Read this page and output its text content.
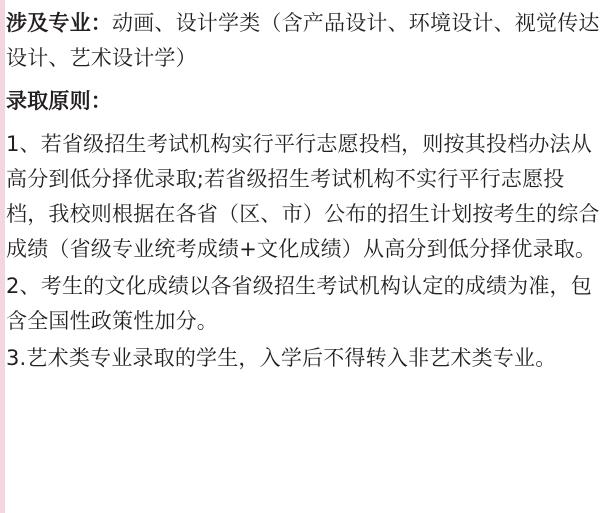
涉及专业：动画、设计学类（含产品设计、环境设计、视觉传达设计、艺术设计学）

录取原则：

1、若省级招生考试机构实行平行志愿投档，则按其投档办法从高分到低分择优录取;若省级招生考试机构不实行平行志愿投档，我校则根据在各省（区、市）公布的招生计划按考生的综合成绩（省级专业统考成绩+文化成绩）从高分到低分择优录取。

2、考生的文化成绩以各省级招生考试机构认定的成绩为准，包含全国性政策性加分。

3.艺术类专业录取的学生，入学后不得转入非艺术类专业。
